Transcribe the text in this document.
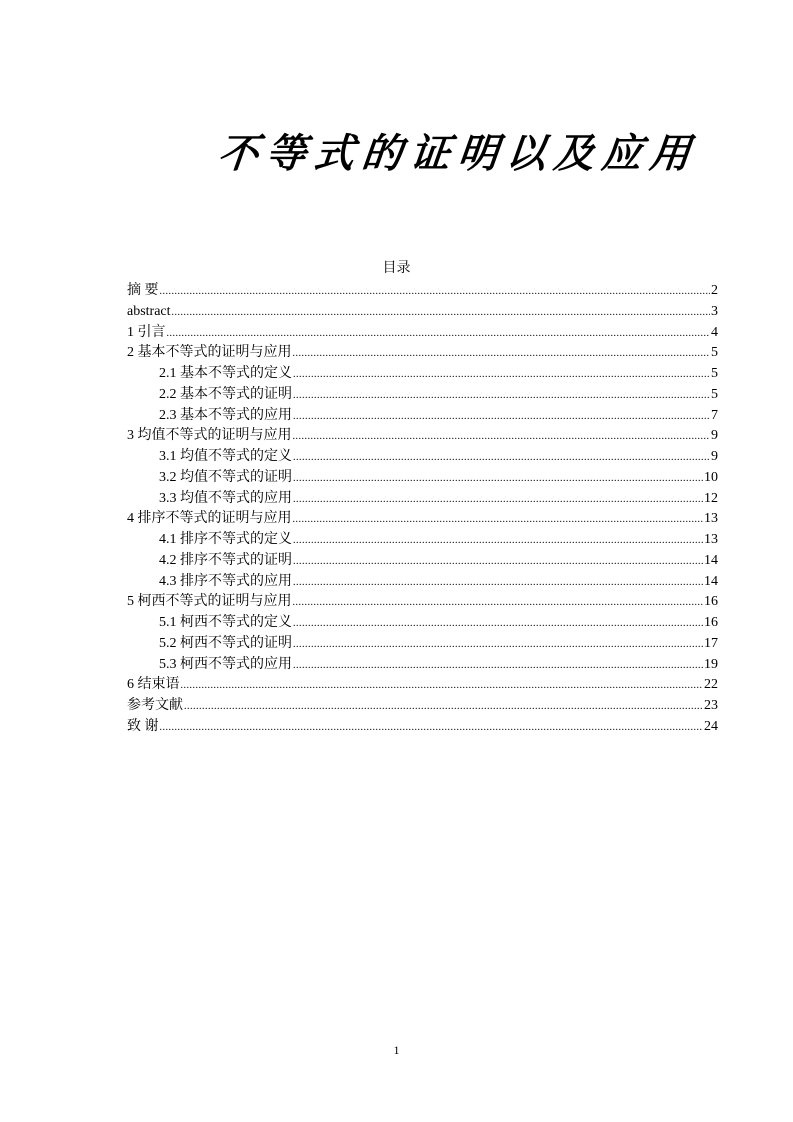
不等式的证明以及应用
目录
摘 要 .....	2
abstract .....	3
1 引言 .....	4
2 基本不等式的证明与应用 .....	5
2.1 基本不等式的定义 .....	5
2.2 基本不等式的证明 .....	5
2.3 基本不等式的应用 .....	7
3 均值不等式的证明与应用 .....	9
3.1 均值不等式的定义 .....	9
3.2 均值不等式的证明 .....	10
3.3 均值不等式的应用 .....	12
4 排序不等式的证明与应用 .....	13
4.1 排序不等式的定义 .....	13
4.2 排序不等式的证明 .....	14
4.3 排序不等式的应用 .....	14
5 柯西不等式的证明与应用 .....	16
5.1 柯西不等式的定义 .....	16
5.2 柯西不等式的证明 .....	17
5.3 柯西不等式的应用 .....	19
6 结束语 .....	22
参考文献 .....	23
致 谢 .....	24
1
